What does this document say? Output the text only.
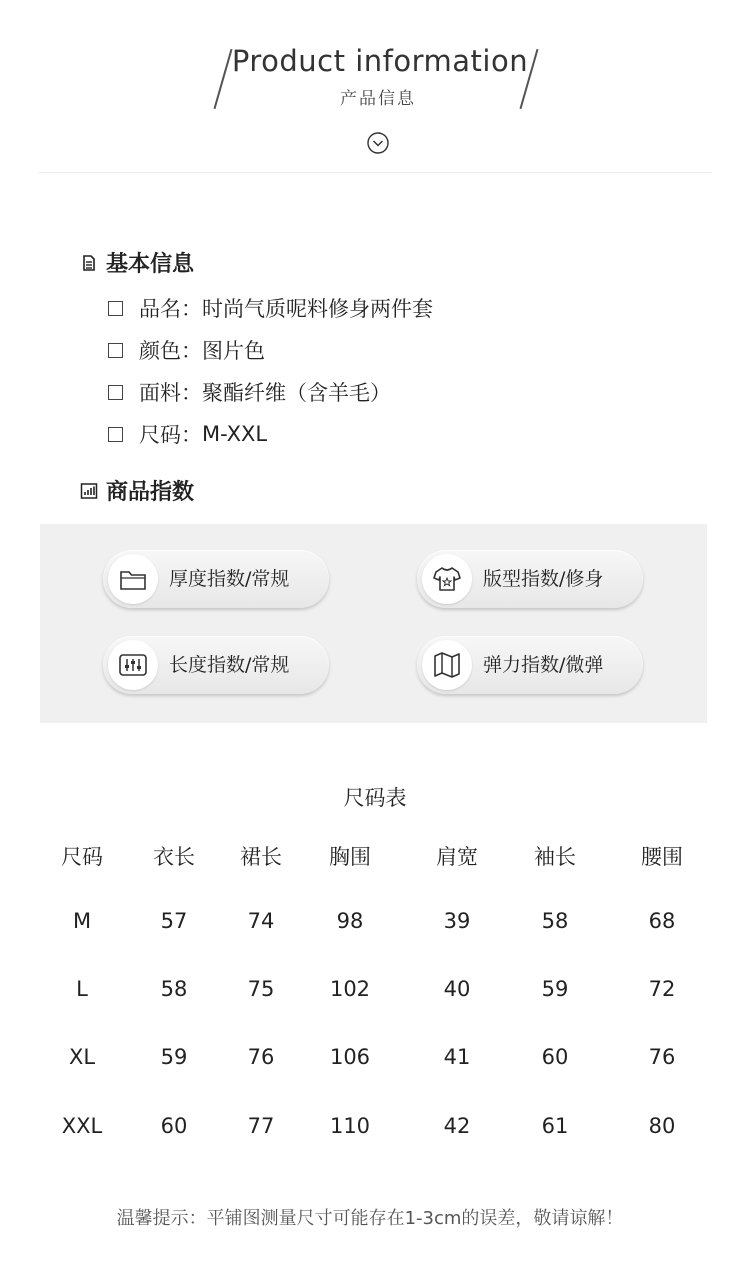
Product information
产品信息
基本信息
品名： 时尚气质呢料修身两件套
颜色： 图片色
面料： 聚酯纤维（含羊毛）
尺码： M-XXL
商品指数
厚度指数/常规	版型指数/修身
长度指数/常规	弹力指数/微弹
尺码表
尺码	衣长	裙长	胸围	肩宽	袖长	腰围
M	57	74	98	39	58	68
L	58	75	102	40	59	72
XL	59	76	106	41	60	76
XXL	60	77	110	42	61	80
温馨提示：平铺图测量尺寸可能存在1-3cm的误差，敬请谅解！
